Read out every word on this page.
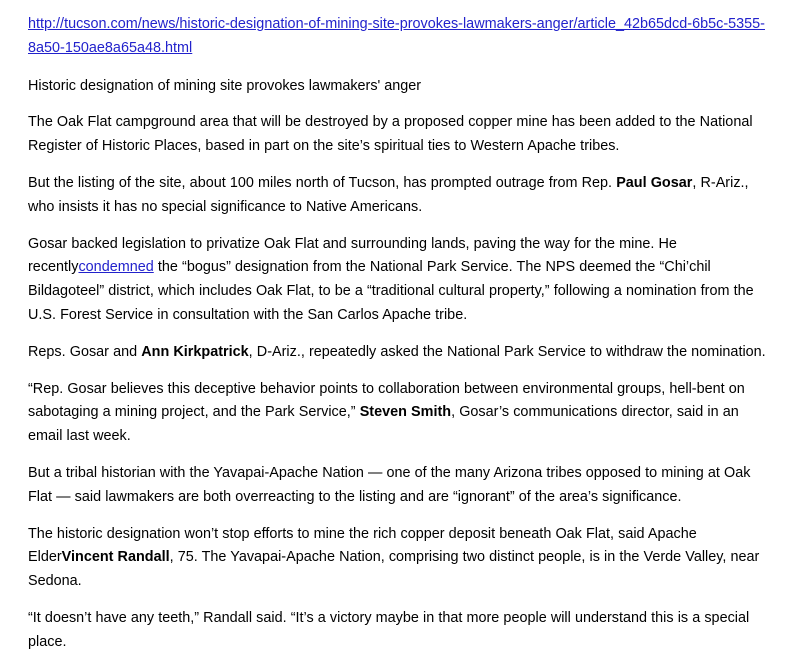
http://tucson.com/news/historic-designation-of-mining-site-provokes-lawmakers-anger/article_42b65dcd-6b5c-5355-8a50-150ae8a65a48.html

Historic designation of mining site provokes lawmakers' anger

The Oak Flat campground area that will be destroyed by a proposed copper mine has been added to the National Register of Historic Places, based in part on the site’s spiritual ties to Western Apache tribes.

But the listing of the site, about 100 miles north of Tucson, has prompted outrage from Rep. Paul Gosar, R-Ariz., who insists it has no special significance to Native Americans.

Gosar backed legislation to privatize Oak Flat and surrounding lands, paving the way for the mine. He recentlycondemned the “bogus” designation from the National Park Service. The NPS deemed the “Chi’chil Bildagoteel” district, which includes Oak Flat, to be a “traditional cultural property,” following a nomination from the U.S. Forest Service in consultation with the San Carlos Apache tribe.

Reps. Gosar and Ann Kirkpatrick, D-Ariz., repeatedly asked the National Park Service to withdraw the nomination.

“Rep. Gosar believes this deceptive behavior points to collaboration between environmental groups, hell-bent on sabotaging a mining project, and the Park Service,” Steven Smith, Gosar’s communications director, said in an email last week.

But a tribal historian with the Yavapai-Apache Nation — one of the many Arizona tribes opposed to mining at Oak Flat — said lawmakers are both overreacting to the listing and are “ignorant” of the area’s significance.

The historic designation won’t stop efforts to mine the rich copper deposit beneath Oak Flat, said Apache ElderVincent Randall, 75. The Yavapai-Apache Nation, comprising two distinct people, is in the Verde Valley, near Sedona.

“It doesn’t have any teeth,” Randall said. “It’s a victory maybe in that more people will understand this is a special place.
